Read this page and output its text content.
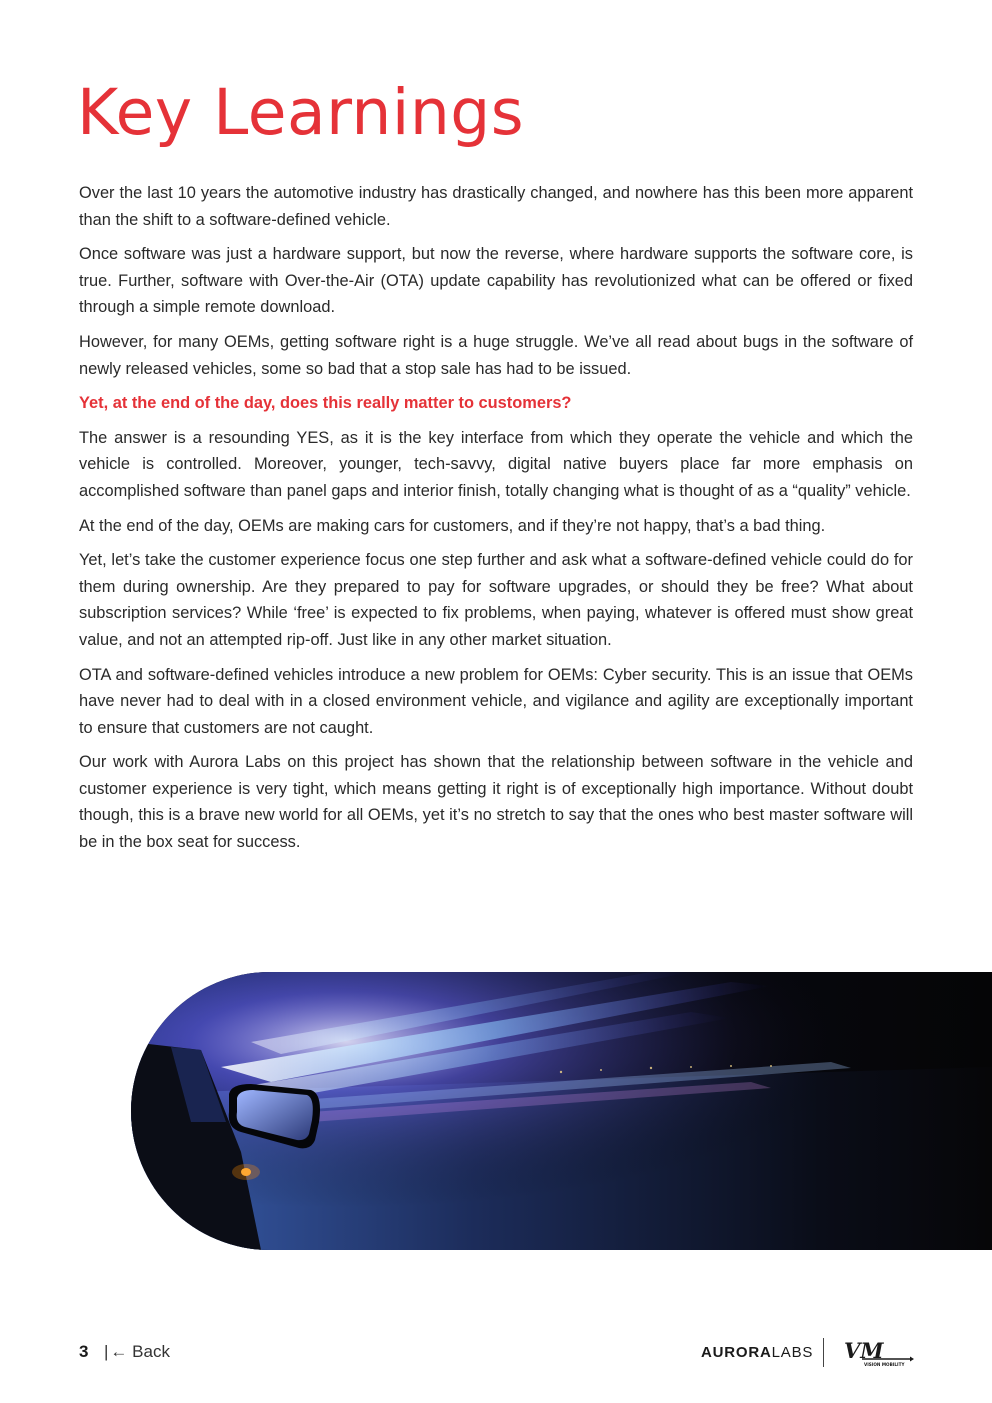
Key Learnings

Over the last 10 years the automotive industry has drastically changed, and nowhere has this been more apparent than the shift to a software-defined vehicle.

Once software was just a hardware support, but now the reverse, where hardware supports the software core, is true. Further, software with Over-the-Air (OTA) update capability has revolutionized what can be offered or fixed through a simple remote download.

However, for many OEMs, getting software right is a huge struggle. We’ve all read about bugs in the software of newly released vehicles, some so bad that a stop sale has had to be issued.

Yet, at the end of the day, does this really matter to customers?

The answer is a resounding YES, as it is the key interface from which they operate the vehicle and which the vehicle is controlled. Moreover, younger, tech-savvy, digital native buyers place far more emphasis on accomplished software than panel gaps and interior finish, totally changing what is thought of as a “quality” vehicle.

At the end of the day, OEMs are making cars for customers, and if they’re not happy, that’s a bad thing.

Yet, let’s take the customer experience focus one step further and ask what a software-defined vehicle could do for them during ownership. Are they prepared to pay for software upgrades, or should they be free? What about subscription services? While ‘free’ is expected to fix problems, when paying, whatever is offered must show great value, and not an attempted rip-off. Just like in any other market situation.

OTA and software-defined vehicles introduce a new problem for OEMs: Cyber security. This is an issue that OEMs have never had to deal with in a closed environment vehicle, and vigilance and agility are exceptionally important to ensure that customers are not caught.

Our work with Aurora Labs on this project has shown that the relationship between software in the vehicle and customer experience is very tight, which means getting it right is of exceptionally high importance. Without doubt though, this is a brave new world for all OEMs, yet it’s no stretch to say that the ones who best master software will be in the box seat for success.

3 | ← Back	AURORALABS VM
VISION MOBILITY
